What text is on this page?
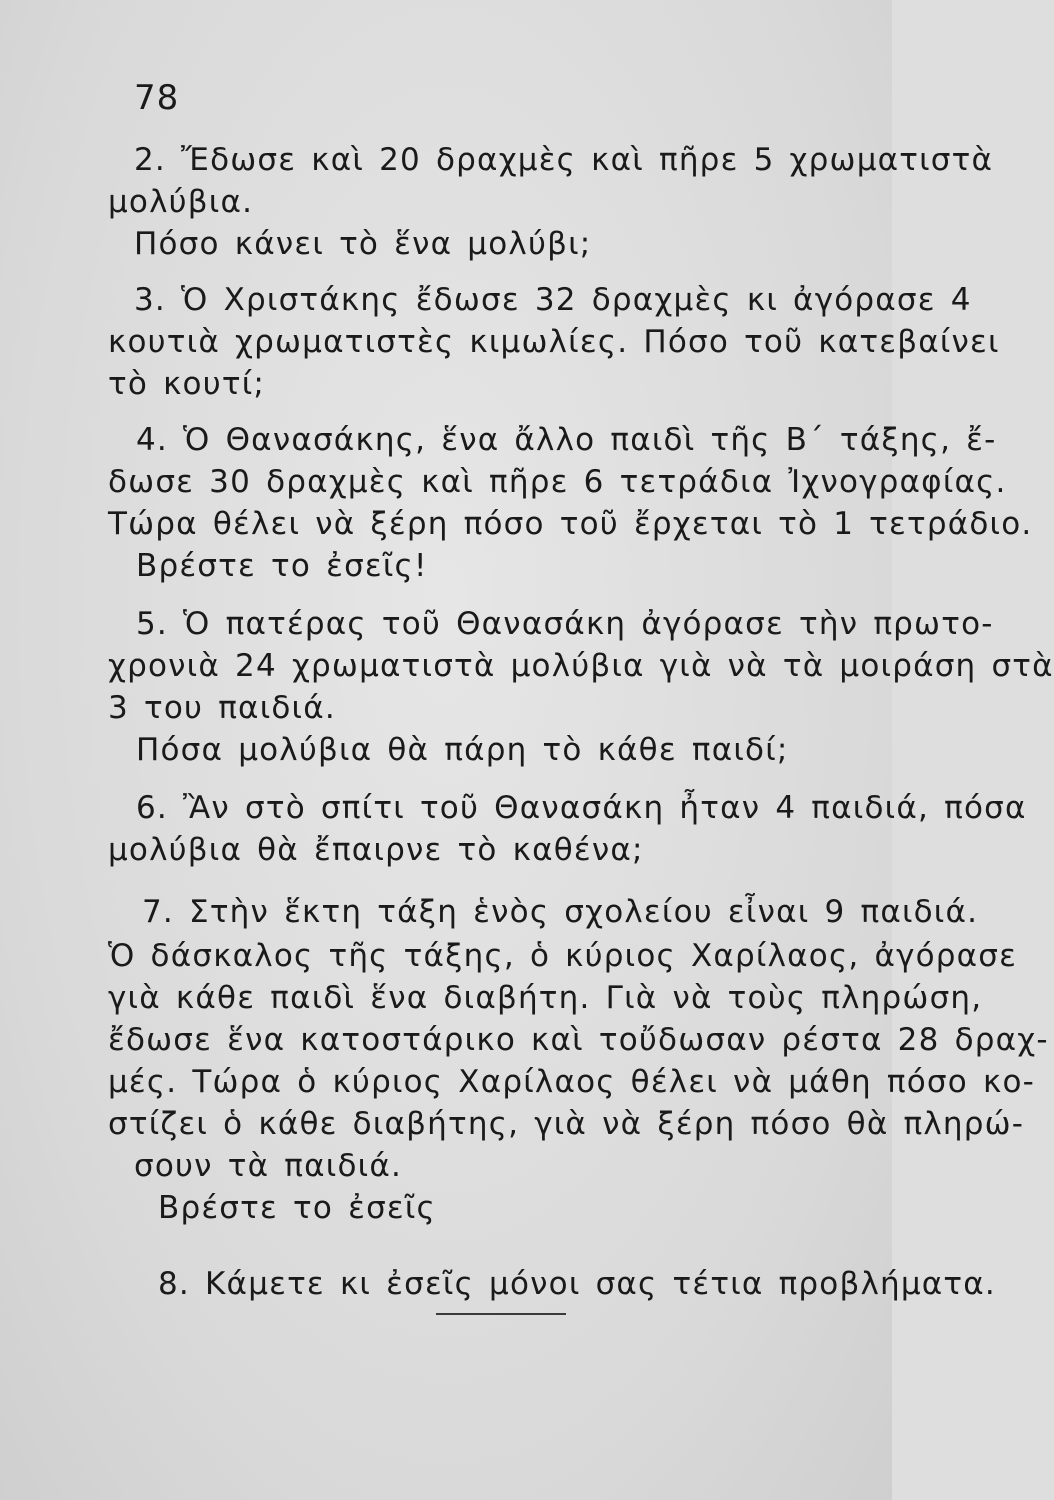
78
2. Ἔδωσε καὶ 20 δραχμὲς καὶ πῆρε 5 χρωματιστὰ
μολύβια.
Πόσο κάνει τὸ ἕνα μολύβι;
3. Ὁ Χριστάκης ἔδωσε 32 δραχμὲς κι ἀγόρασε 4
κουτιὰ χρωματιστὲς κιμωλίες. Πόσο τοῦ κατεβαίνει
τὸ κουτί;
4. Ὁ Θανασάκης, ἕνα ἄλλο παιδὶ τῆς Β΄ τάξης, ἔ-
δωσε 30 δραχμὲς καὶ πῆρε 6 τετράδια Ἰχνογραφίας.
Τώρα θέλει νὰ ξέρη πόσο τοῦ ἔρχεται τὸ 1 τετράδιο.
Βρέστε το ἐσεῖς!
5. Ὁ πατέρας τοῦ Θανασάκη ἀγόρασε τὴν πρωτο-
χρονιὰ 24 χρωματιστὰ μολύβια γιὰ νὰ τὰ μοιράση στὰ
3 του παιδιά.
Πόσα μολύβια θὰ πάρη τὸ κάθε παιδί;
6. Ἂν στὸ σπίτι τοῦ Θανασάκη ἦταν 4 παιδιά, πόσα
μολύβια θὰ ἔπαιρνε τὸ καθένα;
7. Στὴν ἕκτη τάξη ἑνὸς σχολείου εἶναι 9 παιδιά.
Ὁ δάσκαλος τῆς τάξης, ὁ κύριος Χαρίλαος, ἀγόρασε
γιὰ κάθε παιδὶ ἕνα διαβήτη. Γιὰ νὰ τοὺς πληρώση,
ἔδωσε ἕνα κατοστάρικο καὶ τοὔδωσαν ρέστα 28 δραχ-
μές. Τώρα ὁ κύριος Χαρίλαος θέλει νὰ μάθη πόσο κο-
στίζει ὁ κάθε διαβήτης, γιὰ νὰ ξέρη πόσο θὰ πληρώ-
σουν τὰ παιδιά.
Βρέστε το ἐσεῖς
8. Κάμετε κι ἐσεῖς μόνοι σας τέτια προβλήματα.
